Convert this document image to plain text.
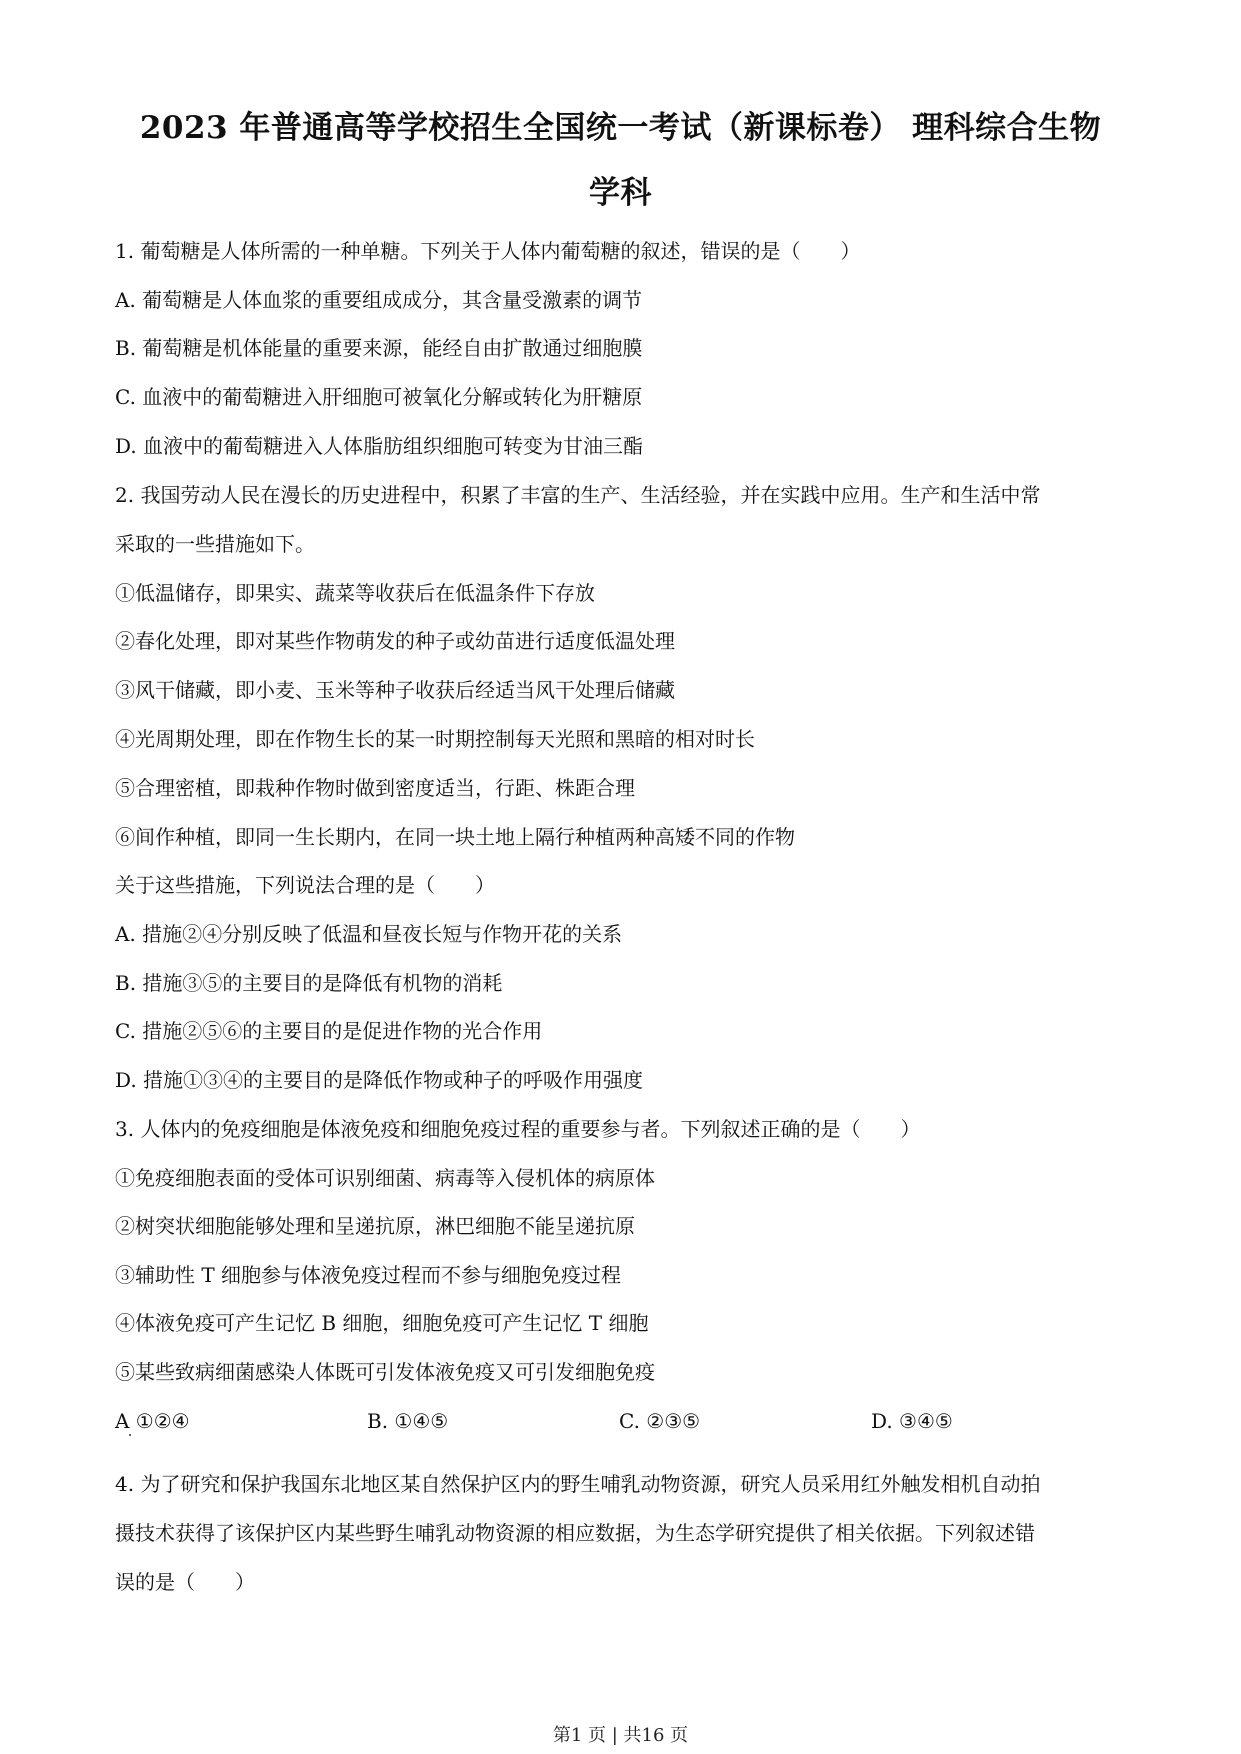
2023 年普通高等学校招生全国统一考试（新课标卷） 理科综合生物
学科
1. 葡萄糖是人体所需的一种单糖。下列关于人体内葡萄糖的叙述，错误的是（　　）
A. 葡萄糖是人体血浆的重要组成成分，其含量受激素的调节
B. 葡萄糖是机体能量的重要来源，能经自由扩散通过细胞膜
C. 血液中的葡萄糖进入肝细胞可被氧化分解或转化为肝糖原
D. 血液中的葡萄糖进入人体脂肪组织细胞可转变为甘油三酯
2. 我国劳动人民在漫长的历史进程中，积累了丰富的生产、生活经验，并在实践中应用。生产和生活中常
采取的一些措施如下。
①低温储存，即果实、蔬菜等收获后在低温条件下存放
②春化处理，即对某些作物萌发的种子或幼苗进行适度低温处理
③风干储藏，即小麦、玉米等种子收获后经适当风干处理后储藏
④光周期处理，即在作物生长的某一时期控制每天光照和黑暗的相对时长
⑤合理密植，即栽种作物时做到密度适当，行距、株距合理
⑥间作种植，即同一生长期内，在同一块土地上隔行种植两种高矮不同的作物
关于这些措施，下列说法合理的是（　　）
A. 措施②④分别反映了低温和昼夜长短与作物开花的关系
B. 措施③⑤的主要目的是降低有机物的消耗
C. 措施②⑤⑥的主要目的是促进作物的光合作用
D. 措施①③④的主要目的是降低作物或种子的呼吸作用强度
3. 人体内的免疫细胞是体液免疫和细胞免疫过程的重要参与者。下列叙述正确的是（　　）
①免疫细胞表面的受体可识别细菌、病毒等入侵机体的病原体
②树突状细胞能够处理和呈递抗原，淋巴细胞不能呈递抗原
③辅助性 T 细胞参与体液免疫过程而不参与细胞免疫过程
④体液免疫可产生记忆 B 细胞，细胞免疫可产生记忆 T 细胞
⑤某些致病细菌感染人体既可引发体液免疫又可引发细胞免疫
A ①②④	B. ①④⑤	C. ②③⑤	D. ③④⑤
4. 为了研究和保护我国东北地区某自然保护区内的野生哺乳动物资源，研究人员采用红外触发相机自动拍
摄技术获得了该保护区内某些野生哺乳动物资源的相应数据，为生态学研究提供了相关依据。下列叙述错
误的是（　　）
第1 页 | 共16 页
